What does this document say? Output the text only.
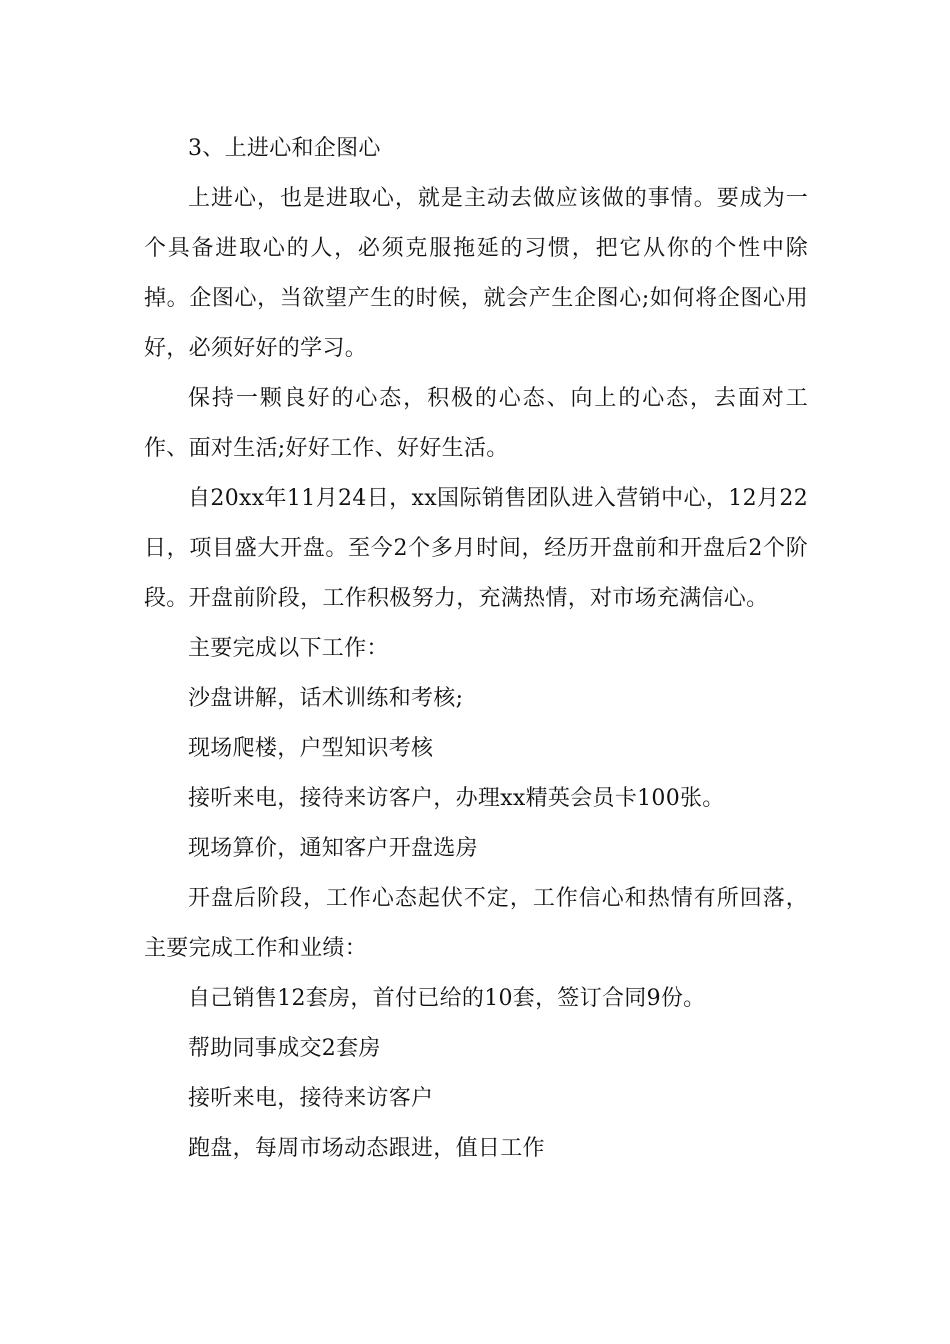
3、上进心和企图心

上进心，也是进取心，就是主动去做应该做的事情。要成为一个具备进取心的人，必须克服拖延的习惯，把它从你的个性中除掉。企图心，当欲望产生的时候，就会产生企图心;如何将企图心用好，必须好好的学习。

保持一颗良好的心态，积极的心态、向上的心态，去面对工作、面对生活;好好工作、好好生活。

自20xx年11月24日，xx国际销售团队进入营销中心，12月22日，项目盛大开盘。至今2个多月时间，经历开盘前和开盘后2个阶段。开盘前阶段，工作积极努力，充满热情，对市场充满信心。

主要完成以下工作：

沙盘讲解，话术训练和考核;

现场爬楼，户型知识考核

接听来电，接待来访客户，办理xx精英会员卡100张。

现场算价，通知客户开盘选房

开盘后阶段，工作心态起伏不定，工作信心和热情有所回落，主要完成工作和业绩：

自己销售12套房，首付已给的10套，签订合同9份。

帮助同事成交2套房

接听来电，接待来访客户

跑盘，每周市场动态跟进，值日工作
